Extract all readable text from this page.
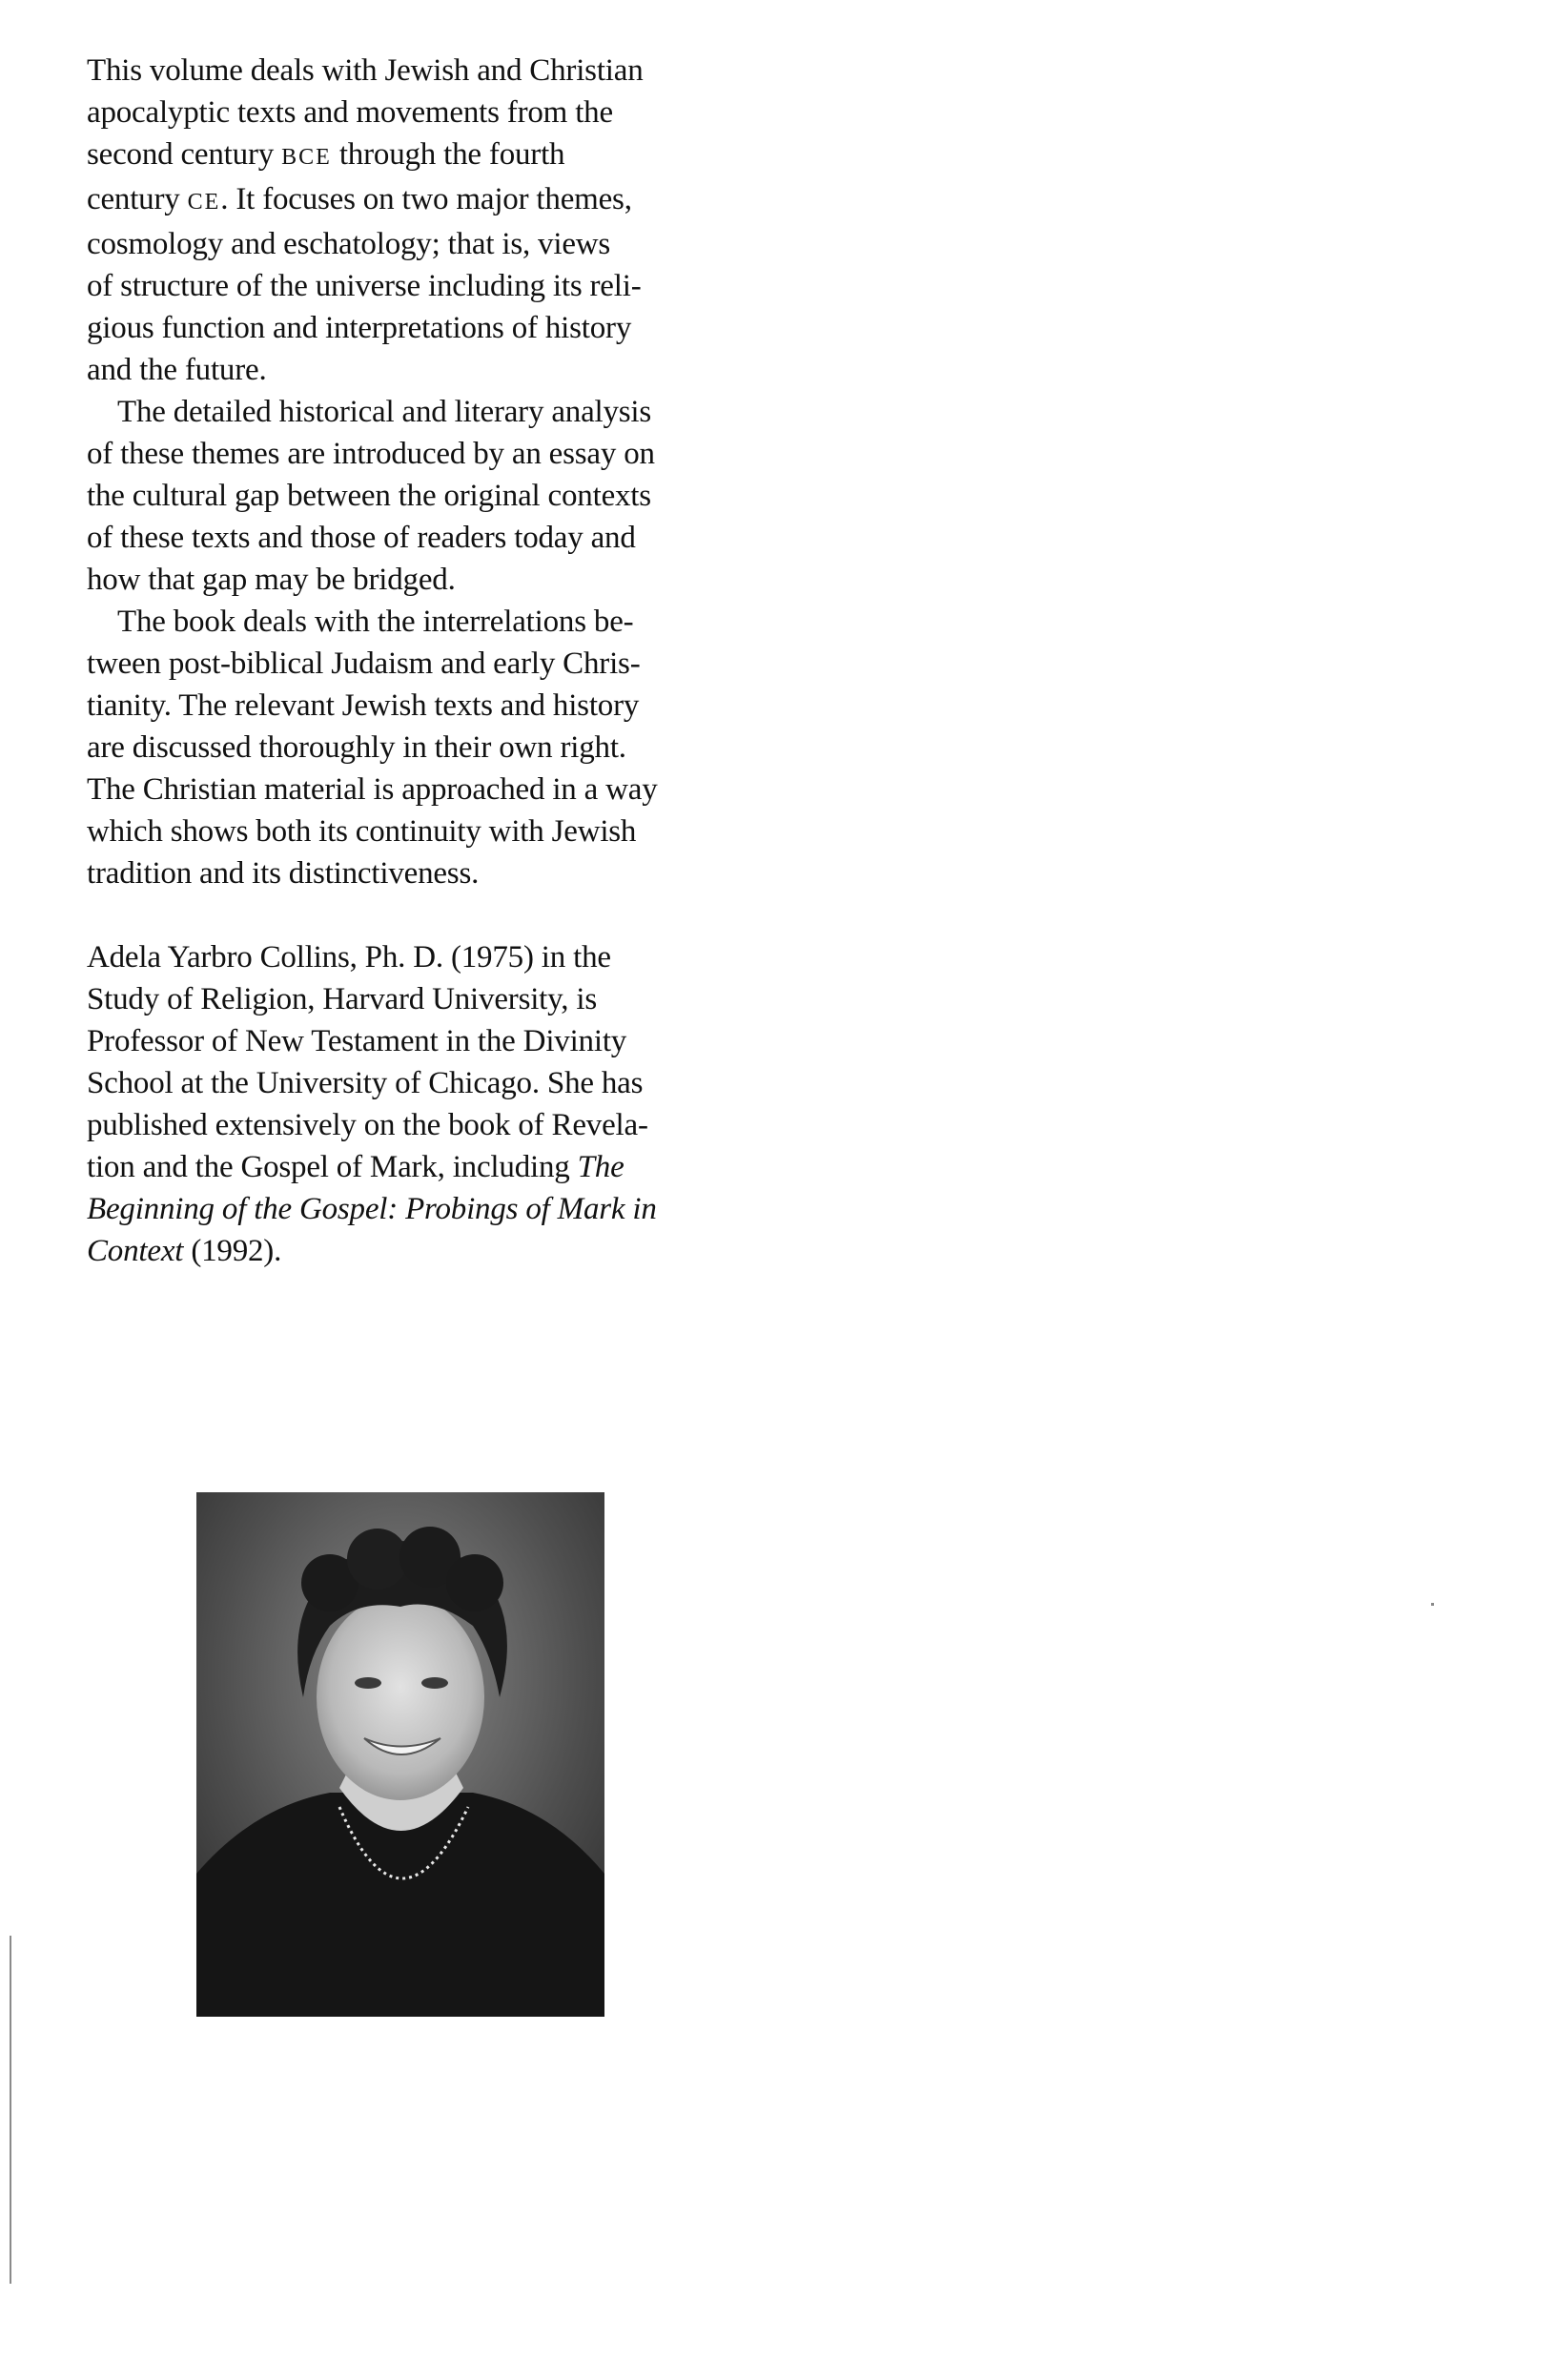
This volume deals with Jewish and Christian
apocalyptic texts and movements from the
second century BCE through the fourth
century CE. It focuses on two major themes,
cosmology and eschatology; that is, views
of structure of the universe including its reli-
gious function and interpretations of history
and the future.
The detailed historical and literary analysis
of these themes are introduced by an essay on
the cultural gap between the original contexts
of these texts and those of readers today and
how that gap may be bridged.
The book deals with the interrelations be-
tween post-biblical Judaism and early Chris-
tianity. The relevant Jewish texts and history
are discussed thoroughly in their own right.
The Christian material is approached in a way
which shows both its continuity with Jewish
tradition and its distinctiveness.
Adela Yarbro Collins, Ph. D. (1975) in the
Study of Religion, Harvard University, is
Professor of New Testament in the Divinity
School at the University of Chicago. She has
published extensively on the book of Revela-
tion and the Gospel of Mark, including The
Beginning of the Gospel: Probings of Mark in
Context (1992).
